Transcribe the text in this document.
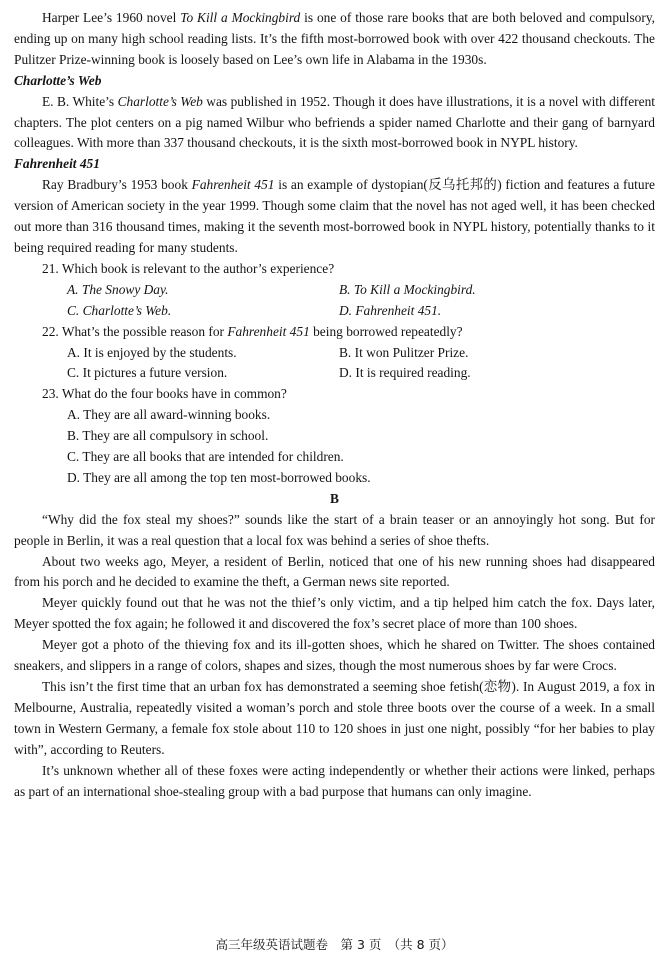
Harper Lee’s 1960 novel To Kill a Mockingbird is one of those rare books that are both beloved and compulsory, ending up on many high school reading lists. It’s the fifth most-borrowed book with over 422 thousand checkouts. The Pulitzer Prize-winning book is loosely based on Lee’s own life in Alabama in the 1930s.

Charlotte’s Web

E. B. White’s Charlotte’s Web was published in 1952. Though it does have illustrations, it is a novel with different chapters. The plot centers on a pig named Wilbur who befriends a spider named Charlotte and their gang of barnyard colleagues. With more than 337 thousand checkouts, it is the sixth most-borrowed book in NYPL history.

Fahrenheit 451

Ray Bradbury’s 1953 book Fahrenheit 451 is an example of dystopian(反乌托邦的) fiction and features a future version of American society in the year 1999. Though some claim that the novel has not aged well, it has been checked out more than 316 thousand times, making it the seventh most-borrowed book in NYPL history, potentially thanks to it being required reading for many students.

21. Which book is relevant to the author’s experience?
A. The Snowy Day.	B. To Kill a Mockingbird.
C. Charlotte’s Web.	D. Fahrenheit 451.
22. What’s the possible reason for Fahrenheit 451 being borrowed repeatedly?
A. It is enjoyed by the students.	B. It won Pulitzer Prize.
C. It pictures a future version.	D. It is required reading.
23. What do the four books have in common?
A. They are all award-winning books.
B. They are all compulsory in school.
C. They are all books that are intended for children.
D. They are all among the top ten most-borrowed books.
B

“Why did the fox steal my shoes?” sounds like the start of a brain teaser or an annoyingly hot song. But for people in Berlin, it was a real question that a local fox was behind a series of shoe thefts.

About two weeks ago, Meyer, a resident of Berlin, noticed that one of his new running shoes had disappeared from his porch and he decided to examine the theft, a German news site reported.

Meyer quickly found out that he was not the thief’s only victim, and a tip helped him catch the fox. Days later, Meyer spotted the fox again; he followed it and discovered the fox’s secret place of more than 100 shoes.

Meyer got a photo of the thieving fox and its ill-gotten shoes, which he shared on Twitter. The shoes contained sneakers, and slippers in a range of colors, shapes and sizes, though the most numerous shoes by far were Crocs.

This isn’t the first time that an urban fox has demonstrated a seeming shoe fetish(恋物). In August 2019, a fox in Melbourne, Australia, repeatedly visited a woman’s porch and stole three boots over the course of a week. In a small town in Western Germany, a female fox stole about 110 to 120 shoes in just one night, possibly “for her babies to play with”, according to Reuters.

It’s unknown whether all of these foxes were acting independently or whether their actions were linked, perhaps as part of an international shoe-stealing group with a bad purpose that humans can only imagine.

高三年级英语试题卷　第 3 页　（共 8 页）
